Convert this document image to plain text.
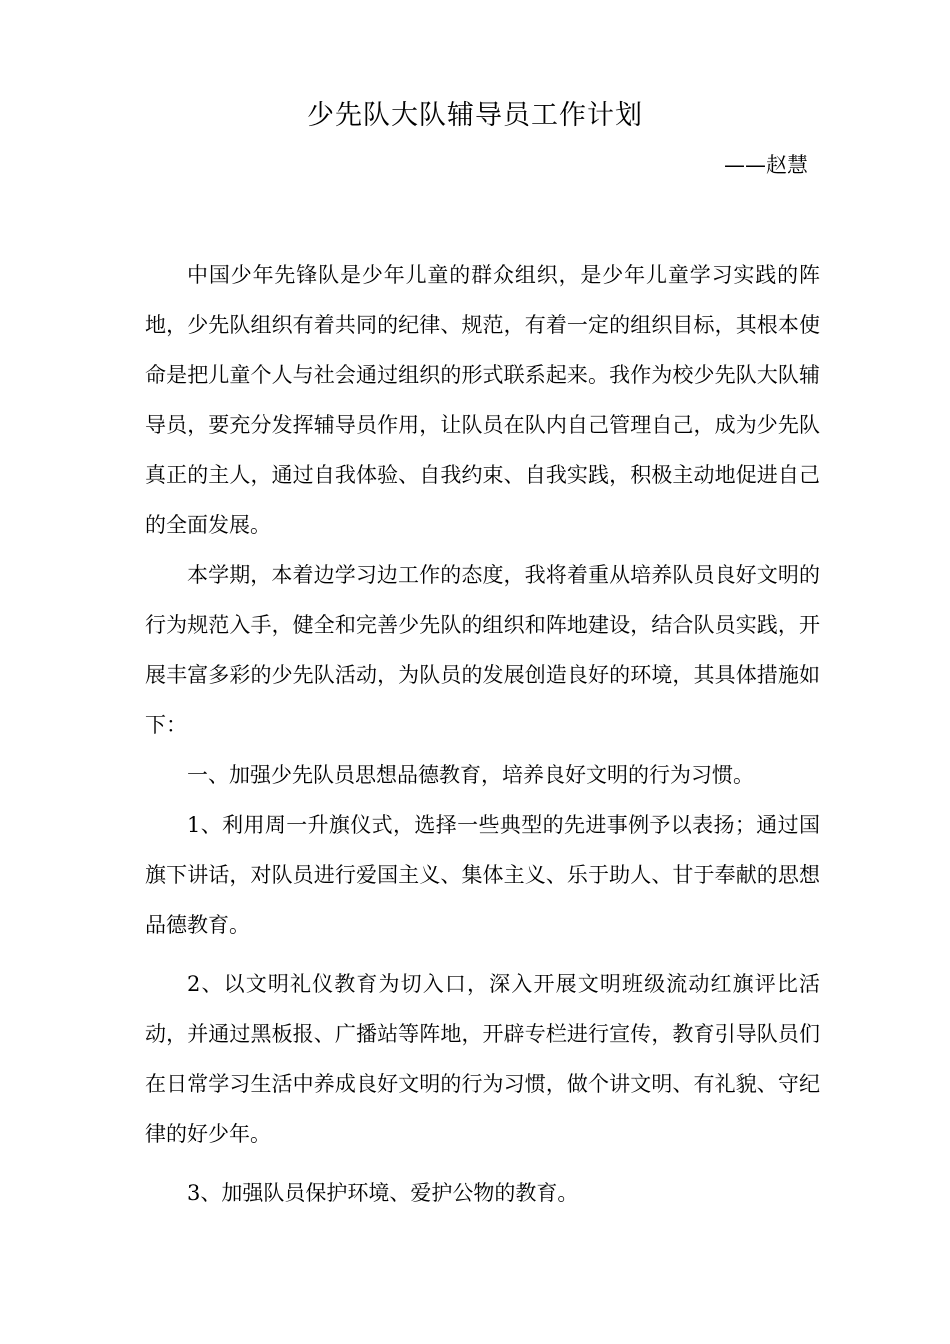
少先队大队辅导员工作计划
——赵慧

中国少年先锋队是少年儿童的群众组织，是少年儿童学习实践的阵地，少先队组织有着共同的纪律、规范，有着一定的组织目标，其根本使命是把儿童个人与社会通过组织的形式联系起来。我作为校少先队大队辅导员，要充分发挥辅导员作用，让队员在队内自己管理自己，成为少先队真正的主人，通过自我体验、自我约束、自我实践，积极主动地促进自己的全面发展。

本学期，本着边学习边工作的态度，我将着重从培养队员良好文明的行为规范入手，健全和完善少先队的组织和阵地建设，结合队员实践，开展丰富多彩的少先队活动，为队员的发展创造良好的环境，其具体措施如下：

一、加强少先队员思想品德教育，培养良好文明的行为习惯。

1、利用周一升旗仪式，选择一些典型的先进事例予以表扬；通过国旗下讲话，对队员进行爱国主义、集体主义、乐于助人、甘于奉献的思想品德教育。

2、以文明礼仪教育为切入口，深入开展文明班级流动红旗评比活动，并通过黑板报、广播站等阵地，开辟专栏进行宣传，教育引导队员们在日常学习生活中养成良好文明的行为习惯，做个讲文明、有礼貌、守纪律的好少年。

3、加强队员保护环境、爱护公物的教育。
